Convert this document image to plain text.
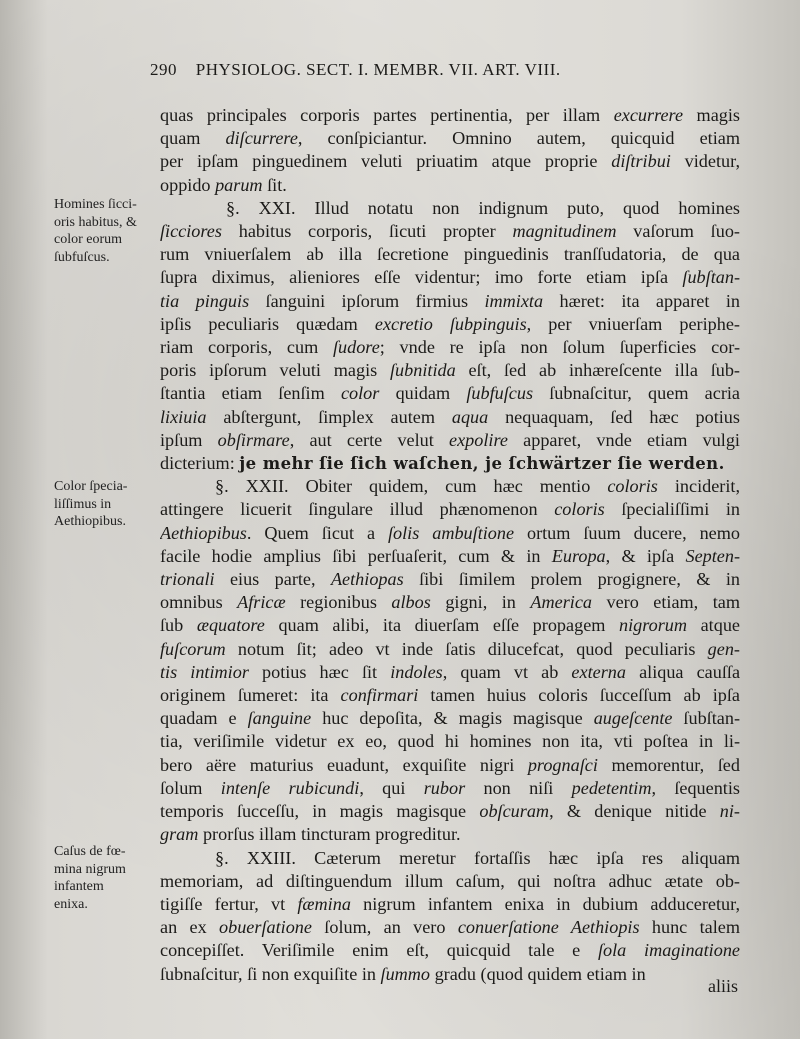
290 PHYSIOLOG. SECT. I. MEMBR. VII. ART. VIII.
Homines ſicci-
oris habitus, &
color eorum
ſubfuſcus.
Color ſpecia-
liſſimus in
Aethiopibus.
Caſus de fœ-
mina nigrum
infantem
enixa.
quas principales corporis partes pertinentia, per illam excurrere magis
quam diſcurrere, conſpiciantur. Omnino autem, quicquid etiam
per ipſam pinguedinem veluti priuatim atque proprie diſtribui videtur,
oppido parum ſit.
§. XXI. Illud notatu non indignum puto, quod homines
ſicciores habitus corporis, ſicuti propter magnitudinem vaſorum ſuo-
rum vniuerſalem ab illa ſecretione pinguedinis tranſſudatoria, de qua
ſupra diximus, alieniores eſſe videntur; imo forte etiam ipſa ſubſtan-
tia pinguis ſanguini ipſorum firmius immixta hæret: ita apparet in
ipſis peculiaris quædam excretio ſubpinguis, per vniuerſam periphe-
riam corporis, cum ſudore; vnde re ipſa non ſolum ſuperficies cor-
poris ipſorum veluti magis ſubnitida eſt, ſed ab inhæreſcente illa ſub-
ſtantia etiam ſenſim color quidam ſubfuſcus ſubnaſcitur, quem acria
lixiuia abſtergunt, ſimplex autem aqua nequaquam, ſed hæc potius
ipſum obſirmare, aut certe velut expolire apparet, vnde etiam vulgi
dicterium: je mehr ſie ſich waſchen, je ſchwärtzer ſie werden.
§. XXII. Obiter quidem, cum hæc mentio coloris inciderit,
attingere licuerit ſingulare illud phænomenon coloris ſpecialiſſimi in
Aethiopibus. Quem ſicut a ſolis ambuſtione ortum ſuum ducere, nemo
facile hodie amplius ſibi perſuaſerit, cum & in Europa, & ipſa Septen-
trionali eius parte, Aethiopas ſibi ſimilem prolem progignere, & in
omnibus Africæ regionibus albos gigni, in America vero etiam, tam
ſub æquatore quam alibi, ita diuerſam eſſe propagem nigrorum atque
fuſcorum notum ſit; adeo vt inde ſatis dilucefcat, quod peculiaris gen-
tis intimior potius hæc ſit indoles, quam vt ab externa aliqua cauſſa
originem ſumeret: ita confirmari tamen huius coloris ſucceſſum ab ipſa
quadam e ſanguine huc depoſita, & magis magisque augeſcente ſubſtan-
tia, veriſimile videtur ex eo, quod hi homines non ita, vti poſtea in li-
bero aëre maturius euadunt, exquiſite nigri prognaſci memorentur, ſed
ſolum intenſe rubicundi, qui rubor non niſi pedetentim, ſequentis
temporis ſucceſſu, in magis magisque obſcuram, & denique nitide ni-
gram prorſus illam tincturam progreditur.
§. XXIII. Cæterum meretur fortaſſis hæc ipſa res aliquam
memoriam, ad diſtinguendum illum caſum, qui noſtra adhuc ætate ob-
tigiſſe fertur, vt fæmina nigrum infantem enixa in dubium adduceretur,
an ex obuerſatione ſolum, an vero conuerſatione Aethiopis hunc talem
concepiſſet. Veriſimile enim eſt, quicquid tale e ſola imaginatione
ſubnaſcitur, ſi non exquiſite in ſummo gradu (quod quidem etiam in
aliis
